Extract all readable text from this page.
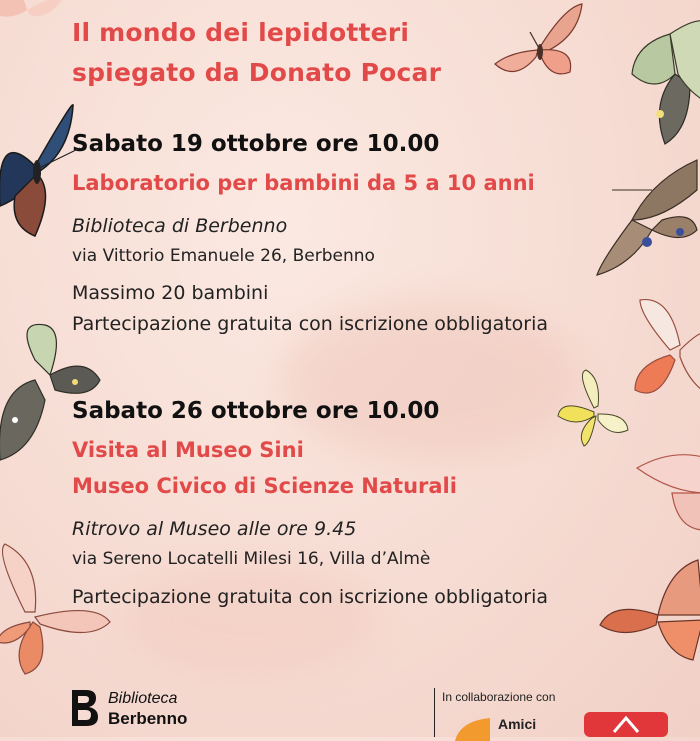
Il mondo dei lepidotteri
spiegato da Donato Pocar
Sabato 19 ottobre ore 10.00
Laboratorio per bambini da 5 a 10 anni
Biblioteca di Berbenno
via Vittorio Emanuele 26, Berbenno
Massimo 20 bambini
Partecipazione gratuita con iscrizione obbligatoria
Sabato 26 ottobre ore 10.00
Visita al Museo Sini
Museo Civico di Scienze Naturali
Ritrovo al Museo alle ore 9.45
via Sereno Locatelli Milesi 16, Villa d’Almè
Partecipazione gratuita con iscrizione obbligatoria
Biblioteca
Berbenno
In collaborazione con
Amici
